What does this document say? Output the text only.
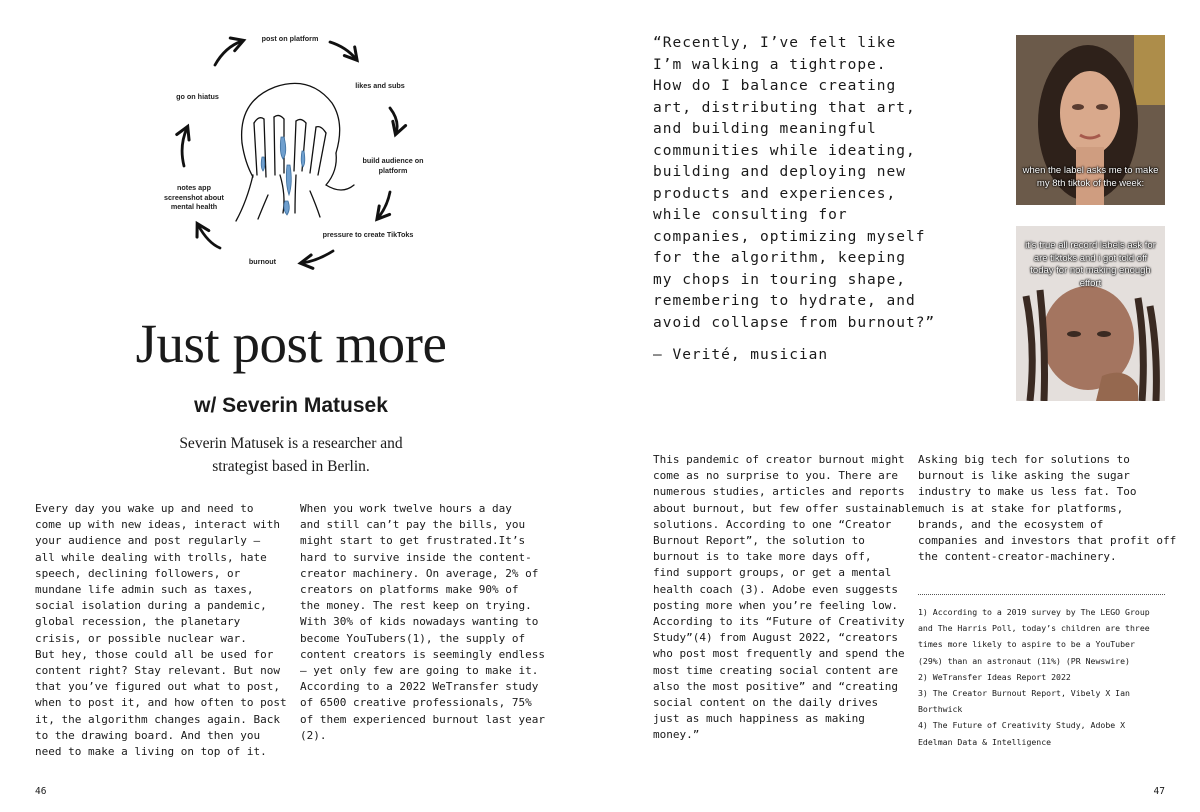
post on platform
likes and subs
build audience on
platform
pressure to create TikToks
burnout
notes app
screenshot about
mental health
go on hiatus
Just post more
w/ Severin Matusek

Severin Matusek is a researcher and strategist based in Berlin.

Every day you wake up and need to
come up with new ideas, interact with
your audience and post regularly —
all while dealing with trolls, hate
speech, declining followers, or
mundane life admin such as taxes,
social isolation during a pandemic,
global recession, the planetary
crisis, or possible nuclear war.
But hey, those could all be used for
content right? Stay relevant. But now
that you’ve figured out what to post,
when to post it, and how often to post
it, the algorithm changes again. Back
to the drawing board. And then you
need to make a living on top of it.

When you work twelve hours a day
and still can’t pay the bills, you
might start to get frustrated.It’s
hard to survive inside the content-
creator machinery. On average, 2% of
creators on platforms make 90% of
the money. The rest keep on trying.
With 30% of kids nowadays wanting to
become YouTubers(1), the supply of
content creators is seemingly endless
— yet only few are going to make it.
According to a 2022 WeTransfer study
of 6500 creative professionals, 75%
of them experienced burnout last year
(2).

This pandemic of creator burnout might
come as no surprise to you. There are
numerous studies, articles and reports
about burnout, but few offer sustainable
solutions. According to one “Creator
Burnout Report”, the solution to
burnout is to take more days off,
find support groups, or get a mental
health coach (3). Adobe even suggests
posting more when you’re feeling low.
According to its “Future of Creativity
Study”(4) from August 2022, “creators
who post most frequently and spend the
most time creating social content are
also the most positive” and “creating
social content on the daily drives
just as much happiness as making
money.”

Asking big tech for solutions to
burnout is like asking the sugar
industry to make us less fat. Too
much is at stake for platforms,
brands, and the ecosystem of
companies and investors that profit off
the content-creator-machinery.

“Recently, I’ve felt like
I’m walking a tightrope.
How do I balance creating
art, distributing that art,
and building meaningful
communities while ideating,
building and deploying new
products and experiences,
while consulting for
companies, optimizing myself
for the algorithm, keeping
my chops in touring shape,
remembering to hydrate, and
avoid collapse from burnout?”

— Verité, musician

when the label asks me to make my 8th tiktok of the week:
it’s true all record labels ask for are tiktoks and i got told off today for not making enough effort

1) According to a 2019 survey by The LEGO Group
and The Harris Poll, today’s children are three
times more likely to aspire to be a YouTuber
(29%) than an astronaut (11%) (PR Newswire)
2) WeTransfer Ideas Report 2022
3) The Creator Burnout Report, Vibely X Ian
Borthwick
4) The Future of Creativity Study, Adobe X
Edelman Data & Intelligence

46	47
